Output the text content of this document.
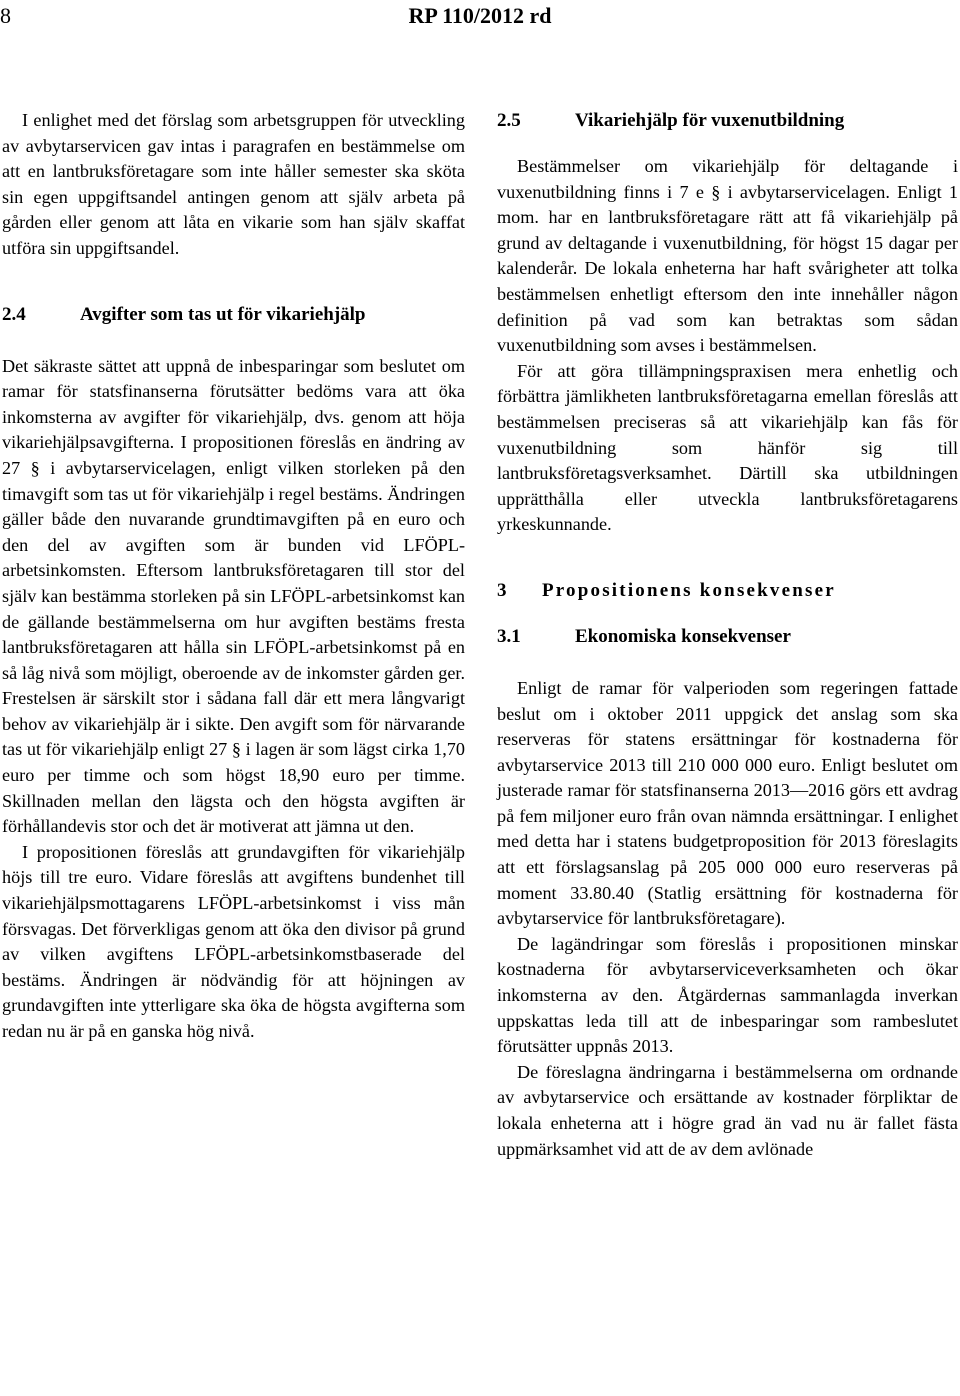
8	RP 110/2012 rd

I enlighet med det förslag som arbetsgruppen för utveckling av avbytarservicen gav intas i paragrafen en bestämmelse om att en lantbruksföretagare som inte håller semester ska sköta sin egen uppgiftsandel antingen genom att själv arbeta på gården eller genom att låta en vikarie som han själv skaffat utföra sin uppgiftsandel.

2.4	Avgifter som tas ut för vikariehjälp

Det säkraste sättet att uppnå de inbesparingar som beslutet om ramar för statsfinanserna förutsätter bedöms vara att öka inkomsterna av avgifter för vikariehjälp, dvs. genom att höja vikariehjälpsavgifterna. I propositionen föreslås en ändring av 27 § i avbytarservicelagen, enligt vilken storleken på den timavgift som tas ut för vikariehjälp i regel bestäms. Ändringen gäller både den nuvarande grundtimavgiften på en euro och den del av avgiften som är bunden vid LFÖPL-arbetsinkomsten. Eftersom lantbruksföretagaren till stor del själv kan bestämma storleken på sin LFÖPL-arbetsinkomst kan de gällande bestämmelserna om hur avgiften bestäms fresta lantbruksföretagaren att hålla sin LFÖPL-arbetsinkomst på en så låg nivå som möjligt, oberoende av de inkomster gården ger. Frestelsen är särskilt stor i sådana fall där ett mera långvarigt behov av vikariehjälp är i sikte. Den avgift som för närvarande tas ut för vikariehjälp enligt 27 § i lagen är som lägst cirka 1,70 euro per timme och som högst 18,90 euro per timme. Skillnaden mellan den lägsta och den högsta avgiften är förhållandevis stor och det är motiverat att jämna ut den.

I propositionen föreslås att grundavgiften för vikariehjälp höjs till tre euro. Vidare föreslås att avgiftens bundenhet till vikariehjälpsmottagarens LFÖPL-arbetsinkomst i viss mån försvagas. Det förverkligas genom att öka den divisor på grund av vilken avgiftens LFÖPL-arbetsinkomstbaserade del bestäms. Ändringen är nödvändig för att höjningen av grundavgiften inte ytterligare ska öka de högsta avgifterna som redan nu är på en ganska hög nivå.

2.5	Vikariehjälp för vuxenutbildning

Bestämmelser om vikariehjälp för deltagande i vuxenutbildning finns i 7 e § i avbytarservicelagen. Enligt 1 mom. har en lantbruksföretagare rätt att få vikariehjälp på grund av deltagande i vuxenutbildning, för högst 15 dagar per kalenderår. De lokala enheterna har haft svårigheter att tolka bestämmelsen enhetligt eftersom den inte innehåller någon definition på vad som kan betraktas som sådan vuxenutbildning som avses i bestämmelsen.

För att göra tillämpningspraxisen mera enhetlig och förbättra jämlikheten lantbruksföretagarna emellan föreslås att bestämmelsen preciseras så att vikariehjälp kan fås för vuxenutbildning som hänför sig till lantbruksföretagsverksamhet. Därtill ska utbildningen upprätthålla eller utveckla lantbruksföretagarens yrkeskunnande.

3 Propositionens konsekvenser
3.1	Ekonomiska konsekvenser

Enligt de ramar för valperioden som regeringen fattade beslut om i oktober 2011 uppgick det anslag som ska reserveras för statens ersättningar för kostnaderna för avbytarservice 2013 till 210 000 000 euro. Enligt beslutet om justerade ramar för statsfinanserna 2013—2016 görs ett avdrag på fem miljoner euro från ovan nämnda ersättningar. I enlighet med detta har i statens budgetproposition för 2013 föreslagits att ett förslagsanslag på 205 000 000 euro reserveras på moment 33.80.40 (Statlig ersättning för kostnaderna för avbytarservice för lantbruksföretagare).

De lagändringar som föreslås i propositionen minskar kostnaderna för avbytarserviceverksamheten och ökar inkomsterna av den. Åtgärdernas sammanlagda inverkan uppskattas leda till att de inbesparingar som rambeslutet förutsätter uppnås 2013.

De föreslagna ändringarna i bestämmelserna om ordnande av avbytarservice och ersättande av kostnader förpliktar de lokala enheterna att i högre grad än vad nu är fallet fästa uppmärksamhet vid att de av dem avlönade
